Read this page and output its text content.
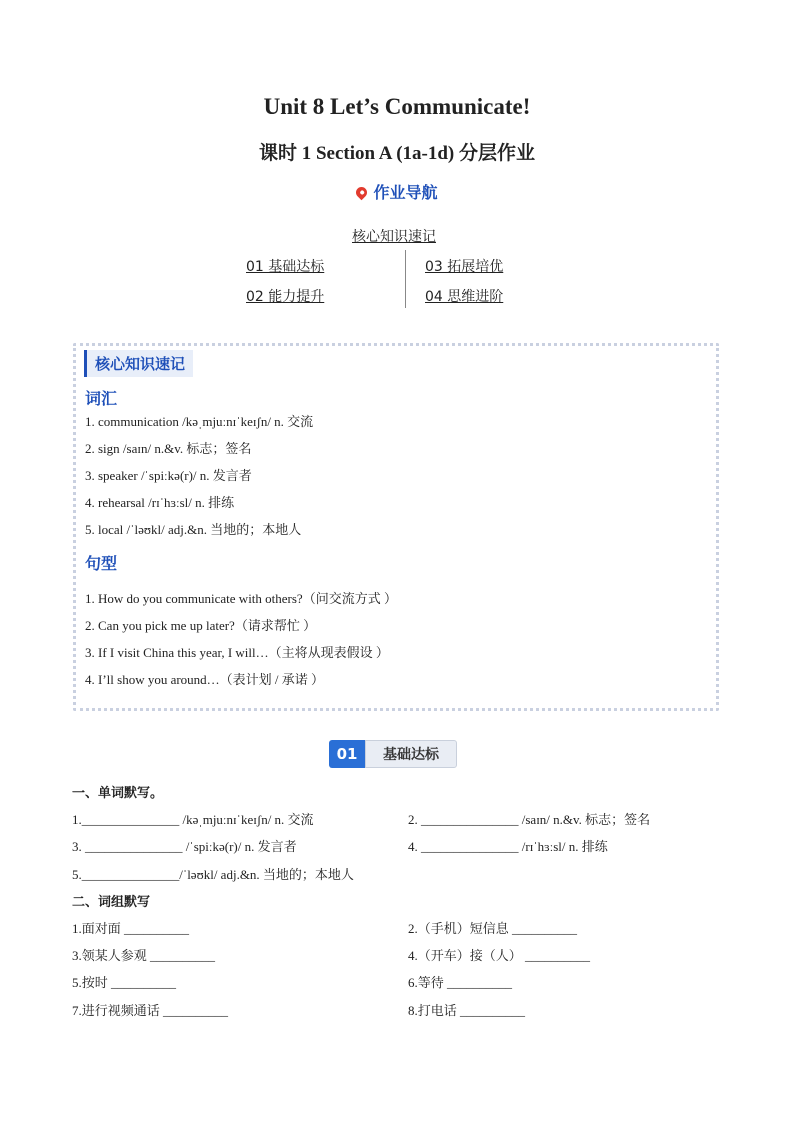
Unit 8 Let’s Communicate!
课时 1 Section A (1a-1d) 分层作业
作业导航
核心知识速记
01 基础达标	03 拓展培优
02 能力提升	04 思维进阶
核心知识速记
词汇
1. communication /kəˌmjuːnɪˈkeɪʃn/ n. 交流
2. sign /saɪn/ n.&v. 标志；签名
3. speaker /ˈspiːkə(r)/ n. 发言者
4. rehearsal /rɪˈhɜːsl/ n. 排练
5. local /ˈləʊkl/ adj.&n. 当地的；本地人
句型
1. How do you communicate with others?（问交流方式 ）
2. Can you pick me up later?（请求帮忙 ）
3. If I visit China this year, I will…（主将从现表假设 ）
4. I’ll show you around…（表计划 / 承诺 ）
01	基础达标
一、单词默写。
1._______________ /kəˌmjuːnɪˈkeɪʃn/ n. 交流	2. _______________ /saɪn/ n.&v. 标志；签名
3. _______________ /ˈspiːkə(r)/ n. 发言者	4. _______________ /rɪˈhɜːsl/ n. 排练
5._______________/ˈləʊkl/ adj.&n. 当地的；本地人
二、词组默写
1.面对面 __________	2.（手机）短信息 __________
3.领某人参观 __________	4.（开车）接（人） __________
5.按时 __________	6.等待 __________
7.进行视频通话 __________	8.打电话 __________
